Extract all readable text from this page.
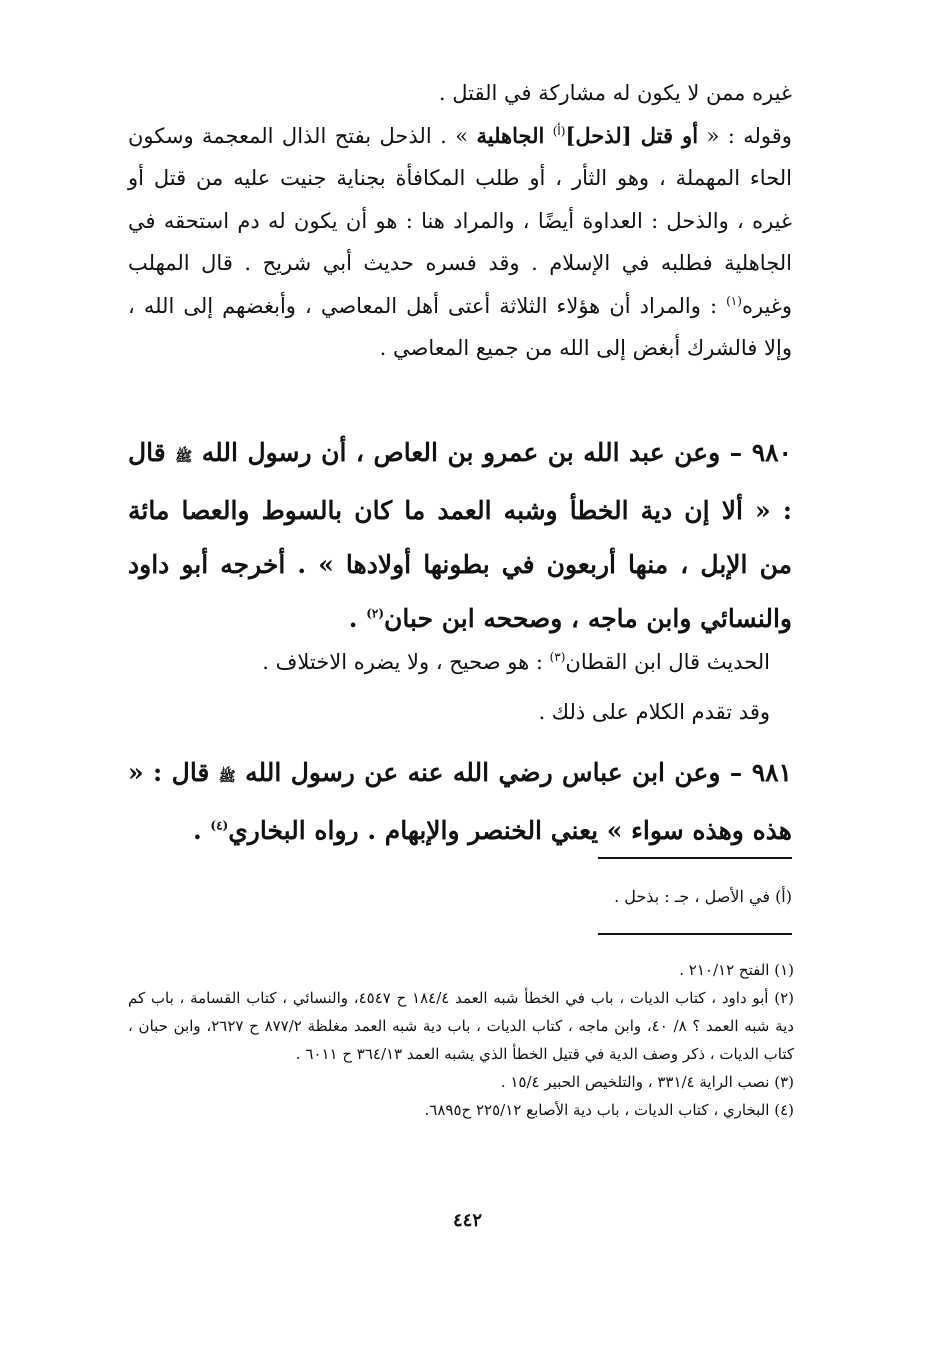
غيره ممن لا يكون له مشاركة في القتل .
وقوله : « أو قتل [لذحل]$^{(أ)}$ الجاهلية » . الذحل بفتح الذال المعجمة وسكون الحاء المهملة ، وهو الثأر ، أو طلب المكافأة بجناية جنيت عليه من قتل أو غيره ، والذحل : العداوة أيضًا ، والمراد هنا : هو أن يكون له دم استحقه في الجاهلية فطلبه في الإسلام . وقد فسره حديث أبي شريح . قال المهلب وغيره$^{(١)}$ : والمراد أن هؤلاء الثلاثة أعتى أهل المعاصي ، وأبغضهم إلى الله ، وإلا فالشرك أبغض إلى الله من جميع المعاصي .
٩٨٠ – وعن عبد الله بن عمرو بن العاص ، أن رسول الله ﷺ قال : « ألا إن دية الخطأ وشبه العمد ما كان بالسوط والعصا مائة من الإبل ، منها أربعون في بطونها أولادها » . أخرجه أبو داود والنسائي وابن ماجه ، وصححه ابن حبان$^{(٢)}$ .
الحديث قال ابن القطان$^{(٣)}$ : هو صحيح ، ولا يضره الاختلاف .
وقد تقدم الكلام على ذلك .
٩٨١ – وعن ابن عباس رضي الله عنه عن رسول الله ﷺ قال : « هذه وهذه سواء » يعني الخنصر والإبهام . رواه البخاري$^{(٤)}$ .
(أ) في الأصل ، جـ : بذحل .
(١) الفتح ٢١٠/١٢ .
(٢) أبو داود ، كتاب الديات ، باب في الخطأ شبه العمد ١٨٤/٤ ح ٤٥٤٧، والنسائي ، كتاب القسامة ، باب كم دية شبه العمد ؟ ٨/ ٤٠، وابن ماجه ، كتاب الديات ، باب دية شبه العمد مغلظة ٨٧٧/٢ ح ٢٦٢٧، وابن حبان ، كتاب الديات ، ذكر وصف الدية في قتيل الخطأ الذي يشبه العمد ٣٦٤/١٣ ح ٦٠١١ .
(٣) نصب الراية ٣٣١/٤ ، والتلخيص الحبير ١٥/٤ .
(٤) البخاري ، كتاب الديات ، باب دية الأصابع ٢٢٥/١٢ ح٦٨٩٥.
٤٤٢
